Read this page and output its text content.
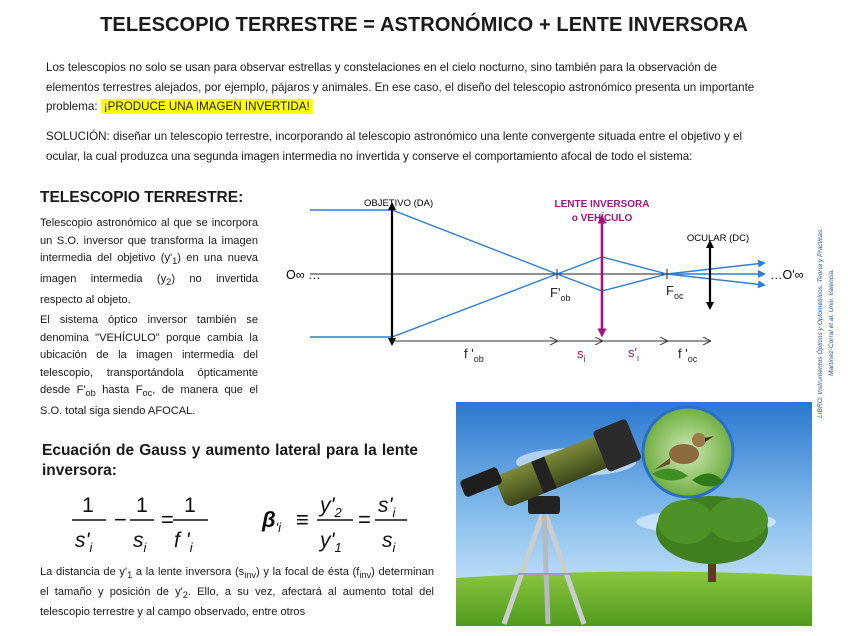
TELESCOPIO TERRESTRE = ASTRONÓMICO + LENTE INVERSORA
Los telescopios no solo se usan para observar estrellas y constelaciones en el cielo nocturno, sino también para la observación de elementos terrestres alejados, por ejemplo, pájaros y animales. En ese caso, el diseño del telescopio astronómico presenta un importante problema: ¡PRODUCE UNA IMAGEN INVERTIDA!
SOLUCIÓN: diseñar un telescopio terrestre, incorporando al telescopio astronómico una lente convergente situada entre el objetivo y el ocular, la cual produzca una segunda imagen intermedia no invertida y conserve el comportamiento afocal de todo el sistema:
TELESCOPIO TERRESTRE:
Telescopio astronómico al que se incorpora un S.O. inversor que transforma la imagen intermedia del objetivo $(y'_1)$ en una nueva imagen intermedia $(y_2)$ no invertida respecto al objeto.
El sistema óptico inversor también se denomina "VEHÍCULO" porque cambia la ubicación de la imagen intermedia del telescopio, transportándola ópticamente desde $F'_{ob}$ hasta $F_{oc}$, de manera que el S.O. total siga siendo AFOCAL.
OBJETIVO (DA)	LENTE INVERSORA
o VEHÍCULO
OCULAR (DC)
O∞ …	…O'∞
$F'_{ob}$	$F_{oc}$
f '$_{ob}$	$s_i$	$s'_i$	f '$_{oc}$	LIBRO: Instrumentos Ópticos y Optométricos. Teoría y Prácticas. Martínez-Corral et al. Univ. Valencia.
Ecuación de Gauss y aumento lateral para la lente inversora:
1
$s'_i$
−
1
$s_i$
=
1
f '$_i$
$\beta_{'i}$ ≡
$y'_2$
$y'_1$
=
$s'_i$
$s_i$
La distancia de $y'_1$ a la lente inversora $(s_{inv})$ y la focal de ésta $(f_{inv})$ determinan el tamaño y posición de $y'_2$. Ello, a su vez, afectará al aumento total del telescopio terrestre y al campo observado, entre otros
